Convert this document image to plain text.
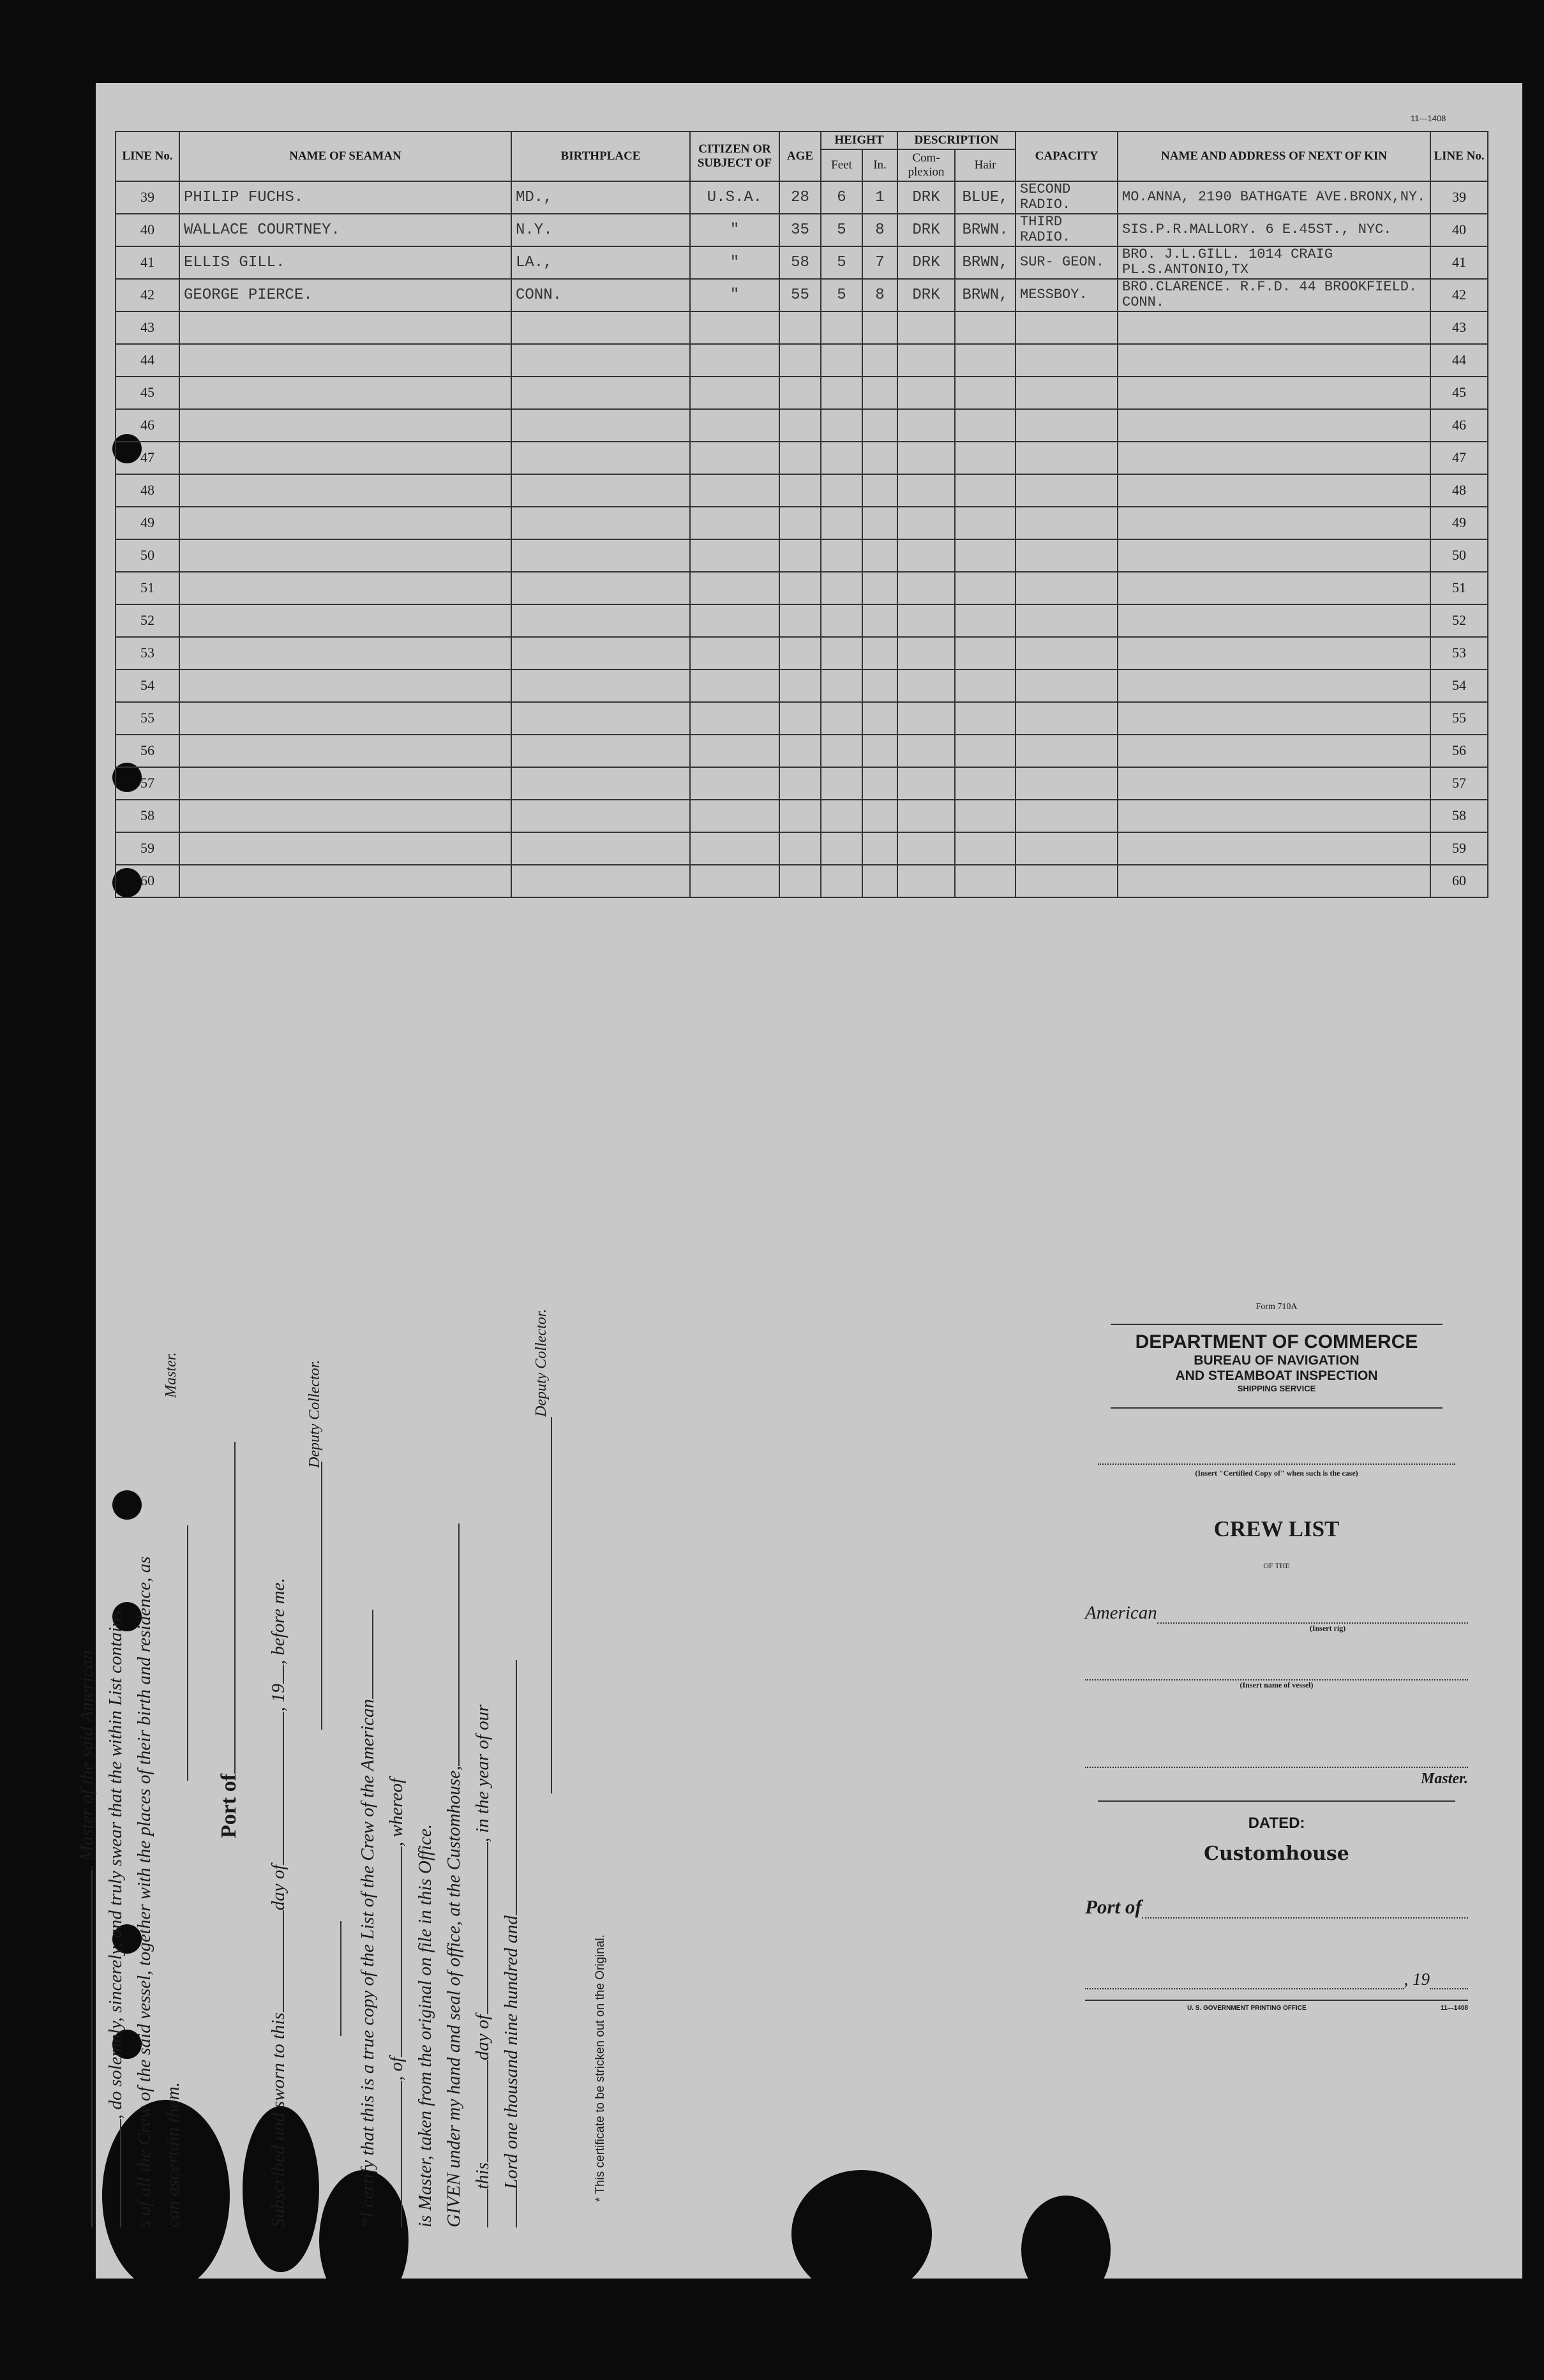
11—1408
LINE No.	NAME OF SEAMAN	BIRTHPLACE	CITIZEN OR SUBJECT OF	AGE	HEIGHT		DESCRIPTION		CAPACITY	NAME AND ADDRESS OF NEXT OF KIN	LINE No.
					Feet	In.	Com- plexion	Hair			
39	PHILIP FUCHS.	MD.,	U.S.A.	28	6	1	DRK	BLUE,	SECOND RADIO.	MO.ANNA, 2190 BATHGATE AVE.BRONX,NY.	39
40	WALLACE COURTNEY.	N.Y.	"	35	5	8	DRK	BRWN.	THIRD RADIO.	SIS.P.R.MALLORY. 6 E.45ST., NYC.	40
41	ELLIS GILL.	LA.,	"	58	5	7	DRK	BRWN,	SUR- GEON.	BRO. J.L.GILL. 1014 CRAIG PL.S.ANTONIO,TX	41
42	GEORGE PIERCE.	CONN.	"	55	5	8	DRK	BRWN,	MESSBOY.	BRO.CLARENCE. R.F.D. 44 BROOKFIELD. CONN.	42
43											43
44											44
45											45
46											46
47											47
48											48
49											49
50											50
51											51
52											52
53											53
54											54
55											55
56											56
57											57
58											58
59											59
60											60
, Master of the said American , do solemnly, sincerely, and truly swear that the within List contains s of all the Crew of the said vessel, together with the places of their birth and residence, as can ascertain them.
Master.
Port of
Subscribed and sworn to thisday of, 19, before me.
Deputy Collector.
*I certify that this is a true copy of the List of the Crew of the American , of, whereof
is Master, taken from the original on file in this Office. GIVEN under my hand and seal of office, at the Customhouse, thisday of, in the year of our
Lord one thousand nine hundred and
Deputy Collector.
* This certificate to be stricken out on the Original.
Form 710A
DEPARTMENT OF COMMERCE
BUREAU OF NAVIGATION
AND STEAMBOAT INSPECTION
SHIPPING SERVICE
(Insert "Certified Copy of" when such is the case)
CREW LIST
OF THE
American
(Insert rig)
(Insert name of vessel)
Master.
DATED:
Customhouse
Port of
, 19
U. S. GOVERNMENT PRINTING OFFICE	11—1408
